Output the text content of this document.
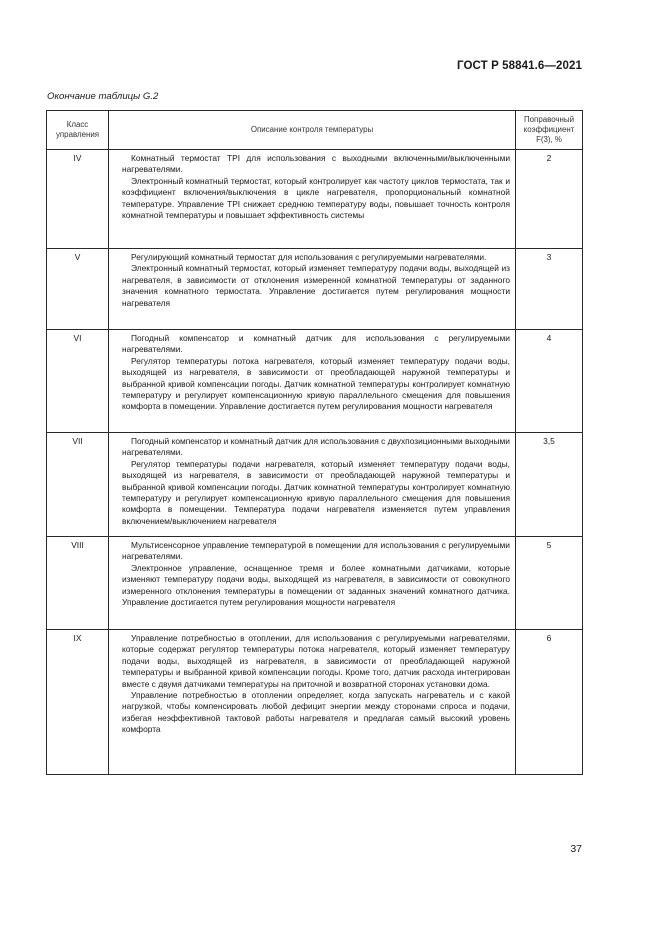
ГОСТ Р 58841.6—2021
Окончание таблицы G.2
Класс управления	Описание контроля температуры	Поправочный коэффициент F(3), %
IV	Комнатный термостат TPI для использования с выходными включенными/выключенными нагревателями.

Электронный комнатный термостат, который контролирует как частоту циклов термостата, так и коэффициент включения/выключения в цикле нагревателя, пропорциональный комнатной температуре. Управление TPI снижает среднюю температуру воды, повышает точность контроля комнатной температуры и повышает эффективность системы	2
V	Регулирующий комнатный термостат для использования с регулируемыми нагревателями.

Электронный комнатный термостат, который изменяет температуру подачи воды, выходящей из нагревателя, в зависимости от отклонения измеренной комнатной температуры от заданного значения комнатного термостата. Управление достигается путем регулирования мощности нагревателя	3
VI	Погодный компенсатор и комнатный датчик для использования с регулируемыми нагревателями.

Регулятор температуры потока нагревателя, который изменяет температуру подачи воды, выходящей из нагревателя, в зависимости от преобладающей наружной температуры и выбранной кривой компенсации погоды. Датчик комнатной температуры контролирует комнатную температуру и регулирует компенсационную кривую параллельного смещения для повышения комфорта в помещении. Управление достигается путем регулирования мощности нагревателя	4
VII	Погодный компенсатор и комнатный датчик для использования с двухпозиционными выходными нагревателями.

Регулятор температуры подачи нагревателя, который изменяет температуру подачи воды, выходящей из нагревателя, в зависимости от преобладающей наружной температуры и выбранной кривой компенсации погоды. Датчик комнатной температуры контролирует комнатную температуру и регулирует компенсационную кривую параллельного смещения для повышения комфорта в помещении. Температура подачи нагревателя изменяется путем управления включением/выключением нагревателя	3,5
VIII	Мультисенсорное управление температурой в помещении для использования с регулируемыми нагревателями.

Электронное управление, оснащенное тремя и более комнатными датчиками, которые изменяют температуру подачи воды, выходящей из нагревателя, в зависимости от совокупного измеренного отклонения температуры в помещении от заданных значений комнатного датчика. Управление достигается путем регулирования мощности нагревателя	5
IX	Управление потребностью в отоплении, для использования с регулируемыми нагревателями, которые содержат регулятор температуры потока нагревателя, который изменяет температуру подачи воды, выходящей из нагревателя, в зависимости от преобладающей наружной температуры и выбранной кривой компенсации погоды. Кроме того, датчик расхода интегрирован вместе с двумя датчиками температуры на приточной и возвратной сторонах установки дома.

Управление потребностью в отоплении определяет, когда запускать нагреватель и с какой нагрузкой, чтобы компенсировать любой дефицит энергии между сторонами спроса и подачи, избегая неэффективной тактовой работы нагревателя и предлагая самый высокий уровень комфорта	6
37
